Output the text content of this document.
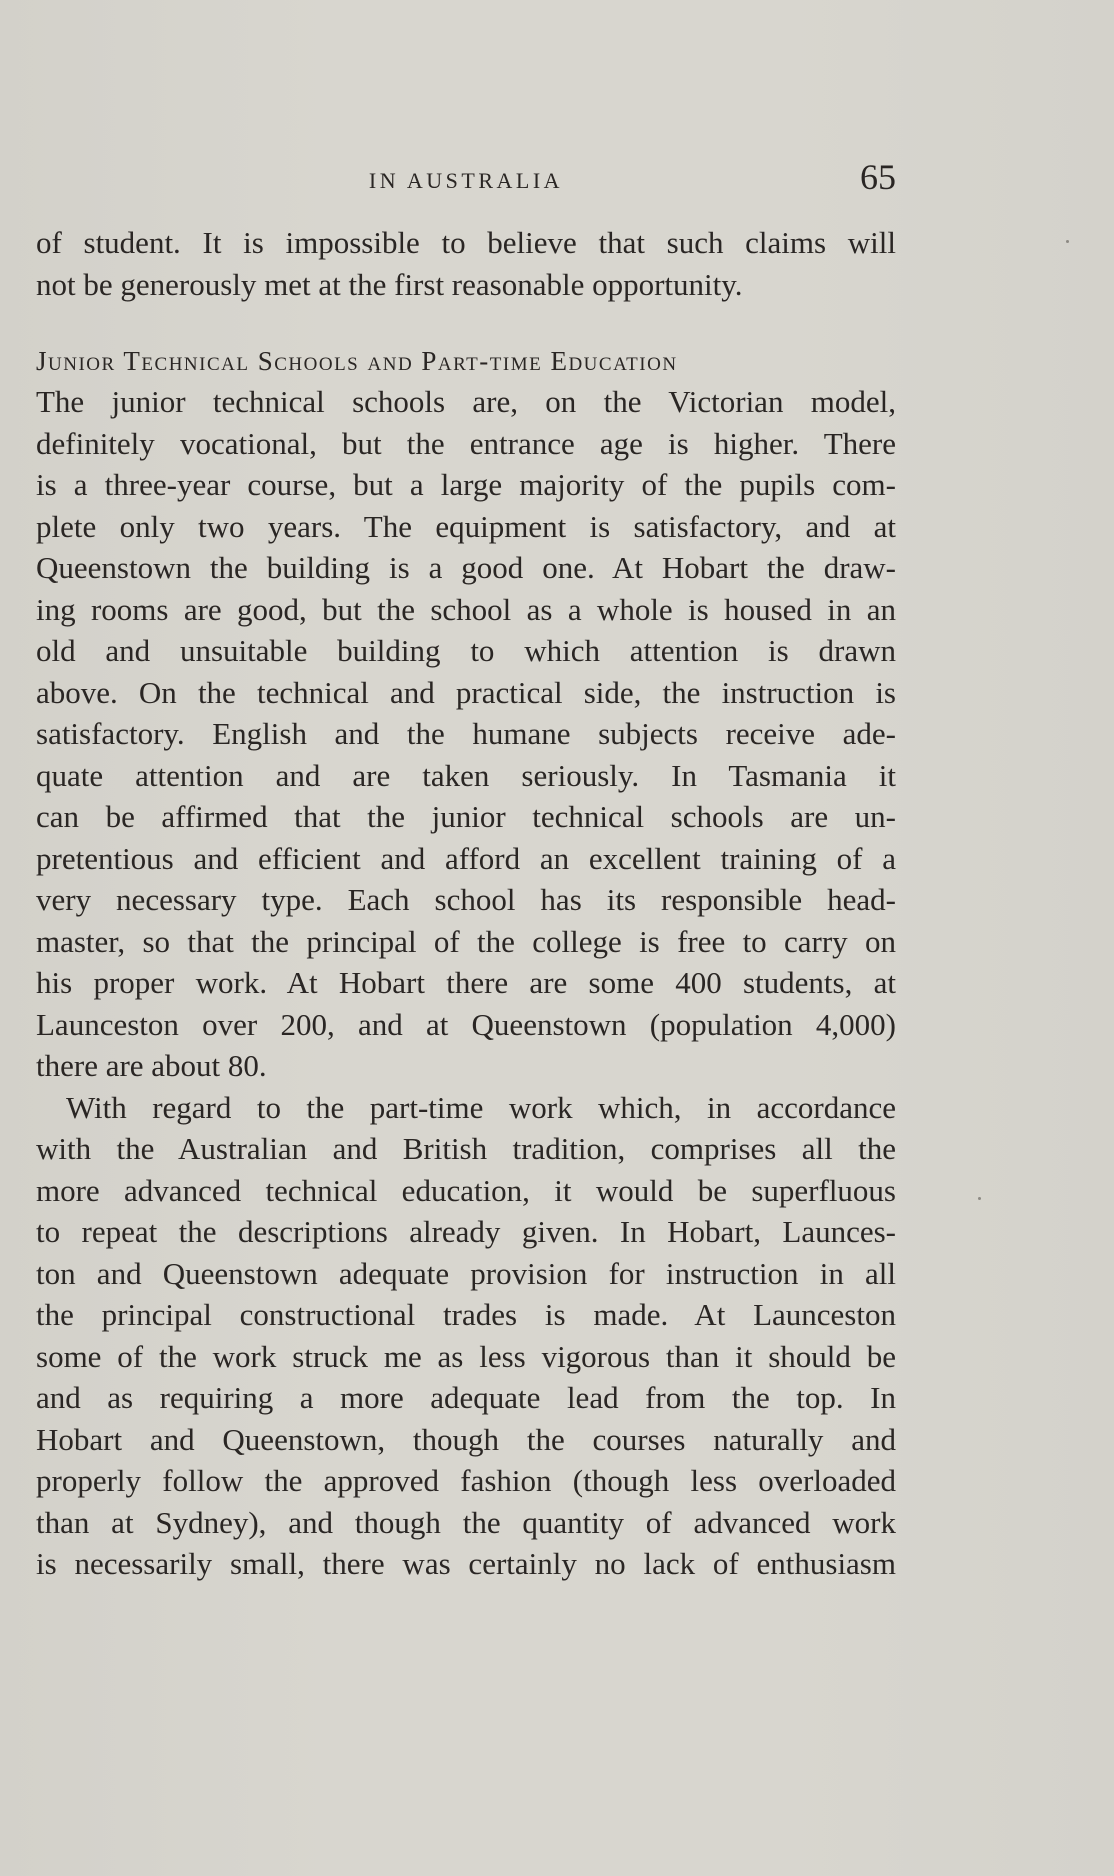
IN AUSTRALIA	65
of student. It is impossible to believe that such claims will
not be generously met at the first reasonable opportunity.
Junior Technical Schools and Part-time Education
The junior technical schools are, on the Victorian model,
definitely vocational, but the entrance age is higher. There
is a three-year course, but a large majority of the pupils com-
plete only two years. The equipment is satisfactory, and at
Queenstown the building is a good one. At Hobart the draw-
ing rooms are good, but the school as a whole is housed in an
old and unsuitable building to which attention is drawn
above. On the technical and practical side, the instruction is
satisfactory. English and the humane subjects receive ade-
quate attention and are taken seriously. In Tasmania it
can be affirmed that the junior technical schools are un-
pretentious and efficient and afford an excellent training of a
very necessary type. Each school has its responsible head-
master, so that the principal of the college is free to carry on
his proper work. At Hobart there are some 400 students, at
Launceston over 200, and at Queenstown (population 4,000)
there are about 80.
With regard to the part-time work which, in accordance
with the Australian and British tradition, comprises all the
more advanced technical education, it would be superfluous
to repeat the descriptions already given. In Hobart, Launces-
ton and Queenstown adequate provision for instruction in all
the principal constructional trades is made. At Launceston
some of the work struck me as less vigorous than it should be
and as requiring a more adequate lead from the top. In
Hobart and Queenstown, though the courses naturally and
properly follow the approved fashion (though less overloaded
than at Sydney), and though the quantity of advanced work
is necessarily small, there was certainly no lack of enthusiasm
